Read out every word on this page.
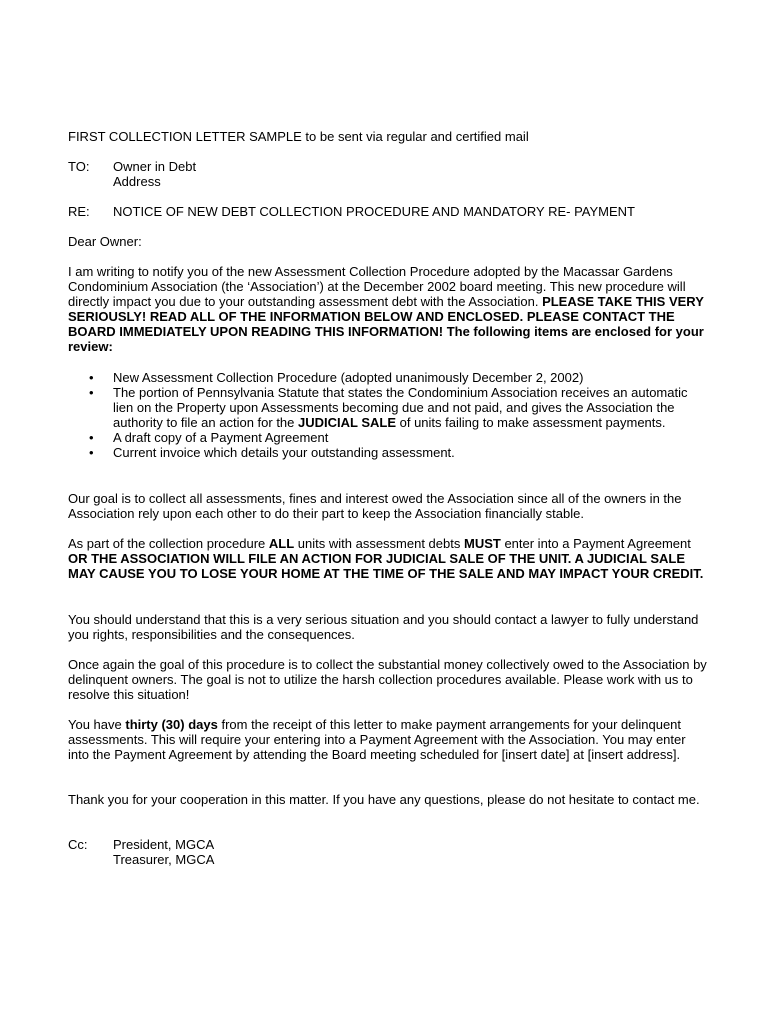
FIRST COLLECTION LETTER SAMPLE to be sent via regular and certified mail

TO: Owner in Debt
Address
RE: NOTICE OF NEW DEBT COLLECTION PROCEDURE AND MANDATORY RE- PAYMENT

Dear Owner:

I am writing to notify you of the new Assessment Collection Procedure adopted by the Macassar Gardens Condominium Association (the ‘Association’) at the December 2002 board meeting. This new procedure will directly impact you due to your outstanding assessment debt with the Association. PLEASE TAKE THIS VERY SERIOUSLY! READ ALL OF THE INFORMATION BELOW AND ENCLOSED. PLEASE CONTACT THE BOARD IMMEDIATELY UPON READING THIS INFORMATION! The following items are enclosed for your review:

• New Assessment Collection Procedure (adopted unanimously December 2, 2002)
• The portion of Pennsylvania Statute that states the Condominium Association receives an automatic lien on the Property upon Assessments becoming due and not paid, and gives the Association the authority to file an action for the JUDICIAL SALE of units failing to make assessment payments.
• A draft copy of a Payment Agreement
• Current invoice which details your outstanding assessment.

Our goal is to collect all assessments, fines and interest owed the Association since all of the owners in the Association rely upon each other to do their part to keep the Association financially stable.

As part of the collection procedure ALL units with assessment debts MUST enter into a Payment Agreement OR THE ASSOCIATION WILL FILE AN ACTION FOR JUDICIAL SALE OF THE UNIT. A JUDICIAL SALE MAY CAUSE YOU TO LOSE YOUR HOME AT THE TIME OF THE SALE AND MAY IMPACT YOUR CREDIT.

You should understand that this is a very serious situation and you should contact a lawyer to fully understand you rights, responsibilities and the consequences.

Once again the goal of this procedure is to collect the substantial money collectively owed to the Association by delinquent owners. The goal is not to utilize the harsh collection procedures available. Please work with us to resolve this situation!

You have thirty (30) days from the receipt of this letter to make payment arrangements for your delinquent assessments. This will require your entering into a Payment Agreement with the Association. You may enter into the Payment Agreement by attending the Board meeting scheduled for [insert date] at [insert address].

Thank you for your cooperation in this matter. If you have any questions, please do not hesitate to contact me.

Cc: President, MGCA
Treasurer, MGCA
